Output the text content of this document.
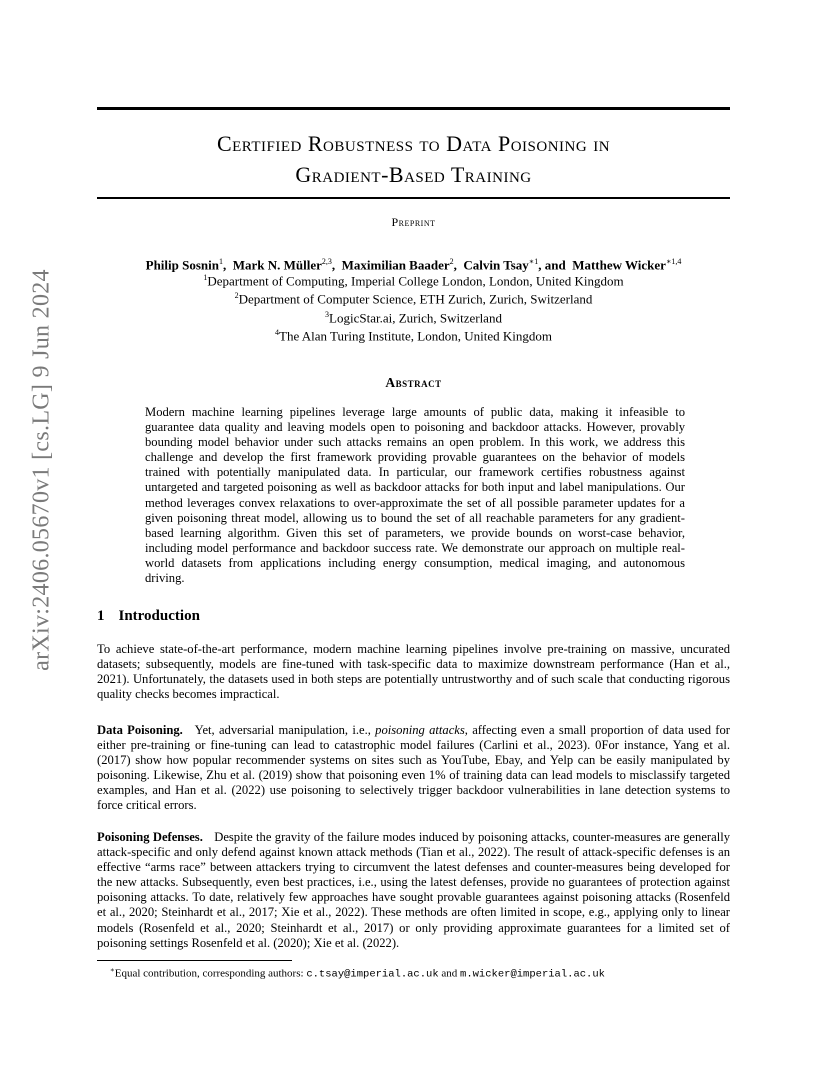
arXiv:2406.05670v1 [cs.LG] 9 Jun 2024
Certified Robustness to Data Poisoning in
Gradient-Based Training
Preprint
Philip Sosnin$^1$,  Mark N. Müller$^{2,3}$,  Maximilian Baader$^2$,  Calvin Tsay$^{∗1}$, and Matthew Wicker$^{∗1,4}$
$^1$Department of Computing, Imperial College London, London, United Kingdom
$^2$Department of Computer Science, ETH Zurich, Zurich, Switzerland
$^3$LogicStar.ai, Zurich, Switzerland
$^4$The Alan Turing Institute, London, United Kingdom
Abstract
Modern machine learning pipelines leverage large amounts of public data, making it infeasible to guarantee data quality and leaving models open to poisoning and backdoor attacks. However, provably bounding model behavior under such attacks remains an open problem. In this work, we address this challenge and develop the first framework providing provable guarantees on the behavior of models trained with potentially manipulated data. In particular, our framework certifies robustness against untargeted and targeted poisoning as well as backdoor attacks for both input and label manipulations. Our method leverages convex relaxations to over-approximate the set of all possible parameter updates for a given poisoning threat model, allowing us to bound the set of all reachable parameters for any gradient-based learning algorithm. Given this set of parameters, we provide bounds on worst-case behavior, including model performance and backdoor success rate. We demonstrate our approach on multiple real-world datasets from applications including energy consumption, medical imaging, and autonomous driving.
1 Introduction
To achieve state-of-the-art performance, modern machine learning pipelines involve pre-training on massive, uncurated datasets; subsequently, models are fine-tuned with task-specific data to maximize downstream performance (Han et al., 2021). Unfortunately, the datasets used in both steps are potentially untrustworthy and of such scale that conducting rigorous quality checks becomes impractical.
Data Poisoning. Yet, adversarial manipulation, i.e., poisoning attacks, affecting even a small proportion of data used for either pre-training or fine-tuning can lead to catastrophic model failures (Carlini et al., 2023). 0For instance, Yang et al. (2017) show how popular recommender systems on sites such as YouTube, Ebay, and Yelp can be easily manipulated by poisoning. Likewise, Zhu et al. (2019) show that poisoning even 1% of training data can lead models to misclassify targeted examples, and Han et al. (2022) use poisoning to selectively trigger backdoor vulnerabilities in lane detection systems to force critical errors.
Poisoning Defenses. Despite the gravity of the failure modes induced by poisoning attacks, counter-measures are generally attack-specific and only defend against known attack methods (Tian et al., 2022). The result of attack-specific defenses is an effective “arms race” between attackers trying to circumvent the latest defenses and counter-measures being developed for the new attacks. Subsequently, even best practices, i.e., using the latest defenses, provide no guarantees of protection against poisoning attacks. To date, relatively few approaches have sought provable guarantees against poisoning attacks (Rosenfeld et al., 2020; Steinhardt et al., 2017; Xie et al., 2022). These methods are often limited in scope, e.g., applying only to linear models (Rosenfeld et al., 2020; Steinhardt et al., 2017) or only providing approximate guarantees for a limited set of poisoning settings Rosenfeld et al. (2020); Xie et al. (2022).
∗Equal contribution, corresponding authors: c.tsay@imperial.ac.uk and m.wicker@imperial.ac.uk
